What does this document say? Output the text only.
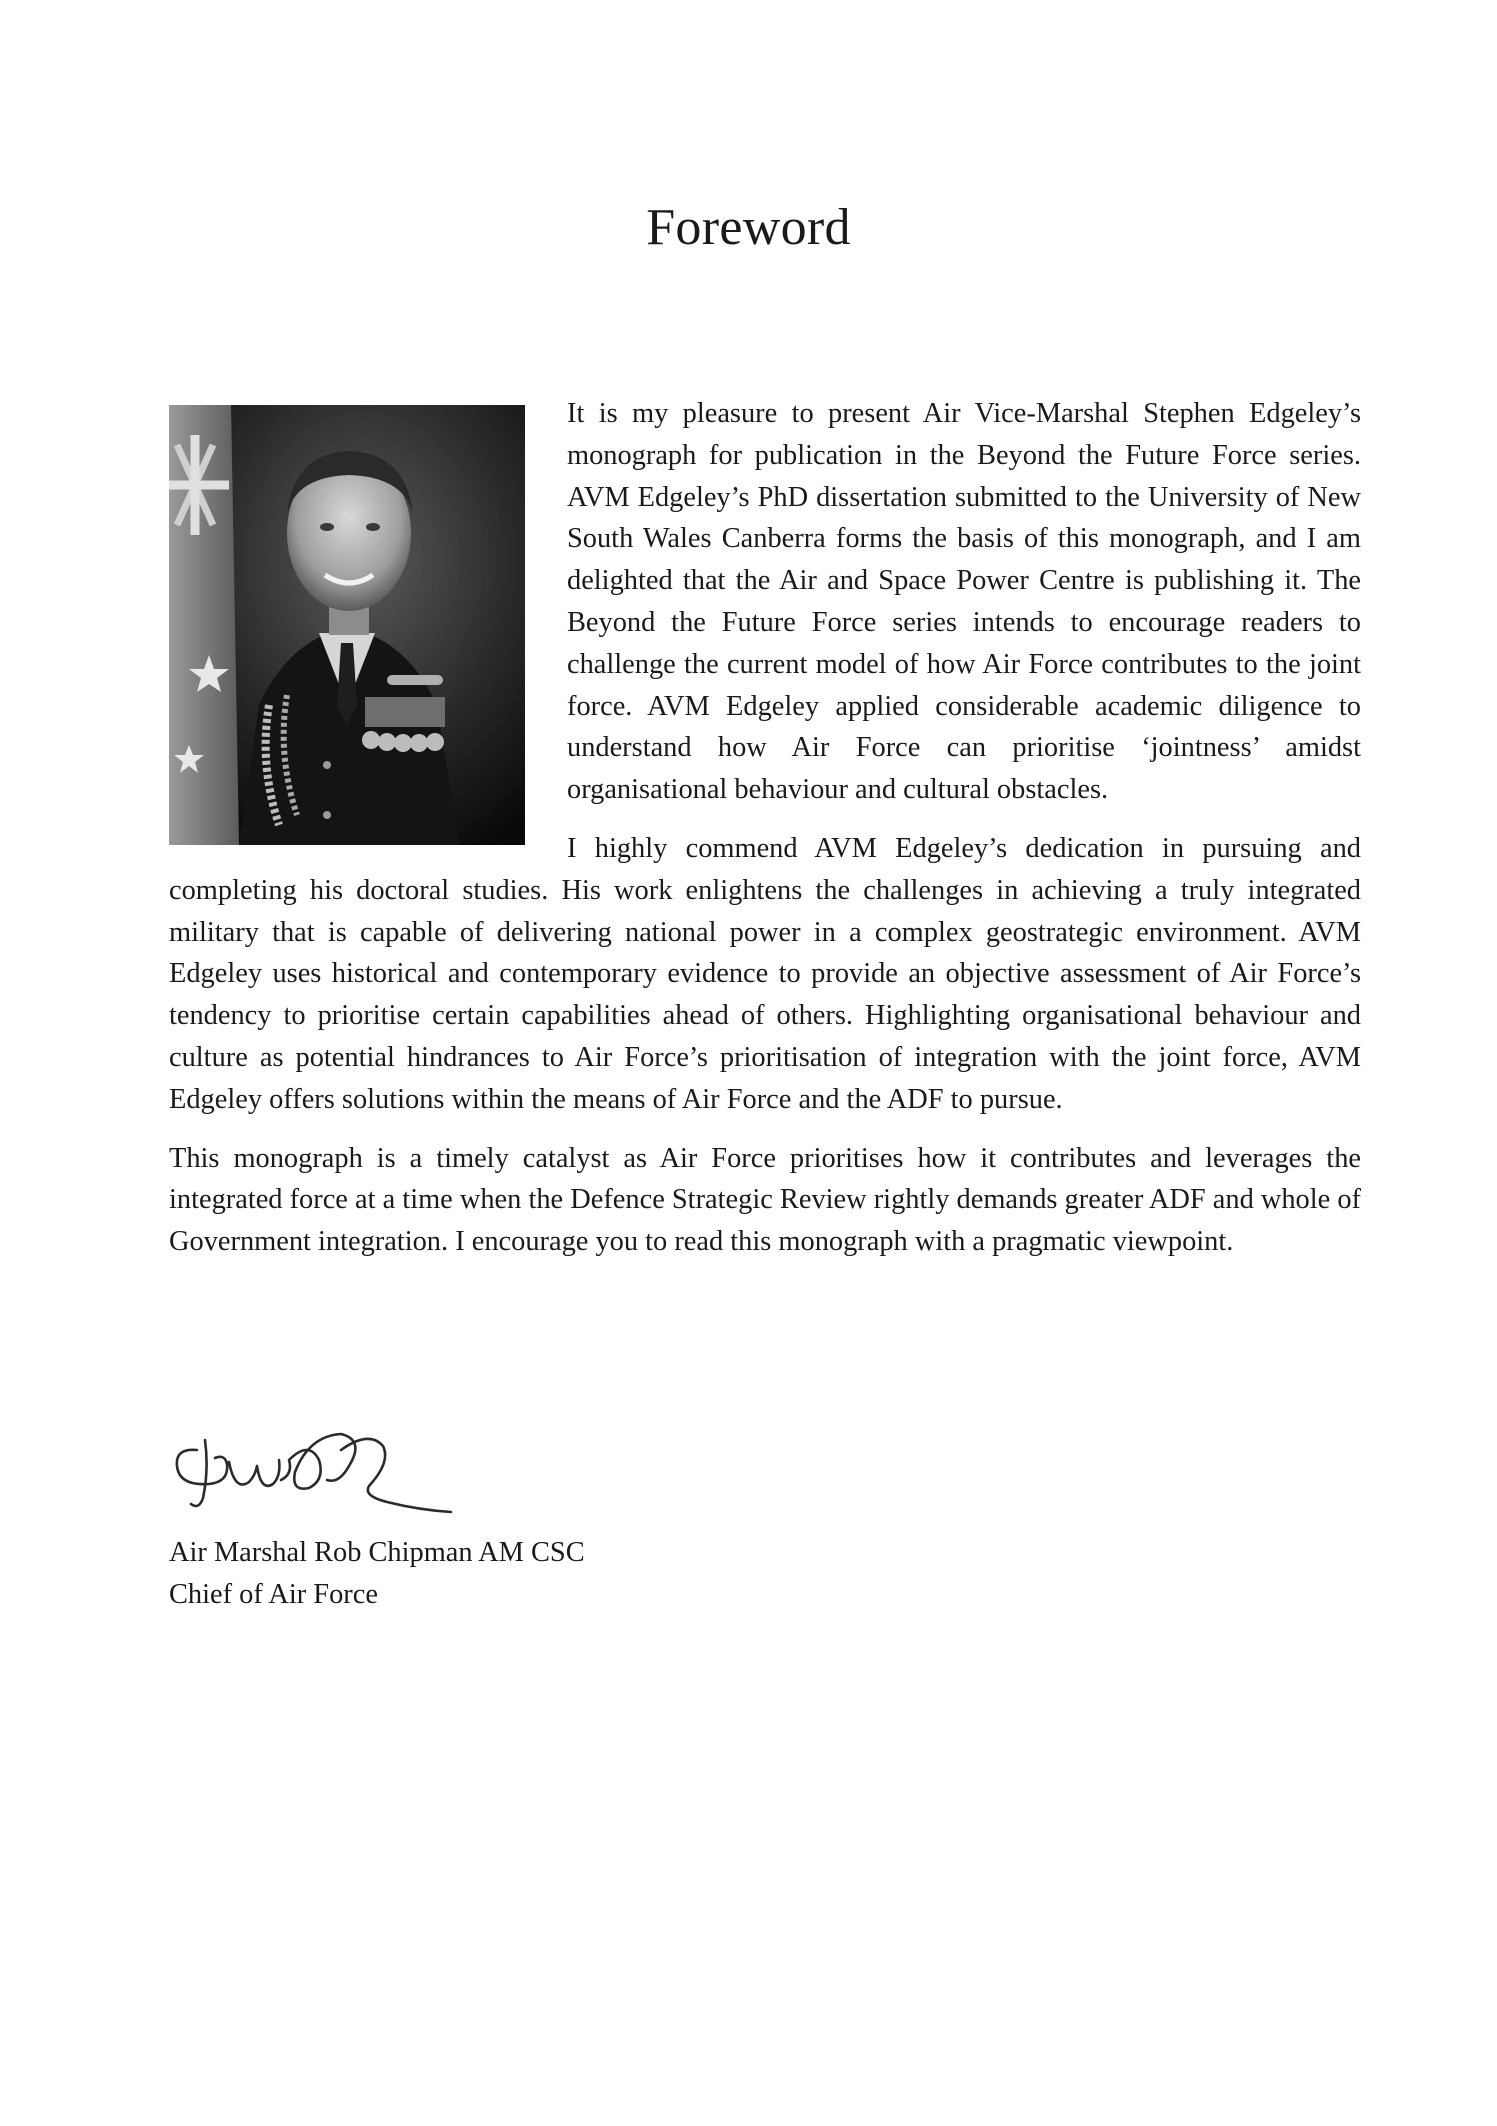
Foreword

It is my pleasure to present Air Vice-Marshal Stephen Edgeley’s monograph for publication in the Beyond the Future Force series. AVM Edgeley’s PhD dissertation submitted to the University of New South Wales Canberra forms the basis of this monograph, and I am delighted that the Air and Space Power Centre is publishing it. The Beyond the Future Force series intends to encourage readers to challenge the current model of how Air Force contributes to the joint force. AVM Edgeley applied considerable academic diligence to understand how Air Force can prioritise ‘jointness’ amidst organisational behaviour and cultural obstacles.

I highly commend AVM Edgeley’s dedication in pursuing and completing his doctoral studies. His work enlightens the challenges in achieving a truly integrated military that is capable of delivering national power in a complex geostrategic environment. AVM Edgeley uses historical and contemporary evidence to provide an objective assessment of Air Force’s tendency to prioritise certain capabilities ahead of others. Highlighting organisational behaviour and culture as potential hindrances to Air Force’s prioritisation of integration with the joint force, AVM Edgeley offers solutions within the means of Air Force and the ADF to pursue.

This monograph is a timely catalyst as Air Force prioritises how it contributes and leverages the integrated force at a time when the Defence Strategic Review rightly demands greater ADF and whole of Government integration. I encourage you to read this monograph with a pragmatic viewpoint.

Air Marshal Rob Chipman AM CSC
Chief of Air Force
